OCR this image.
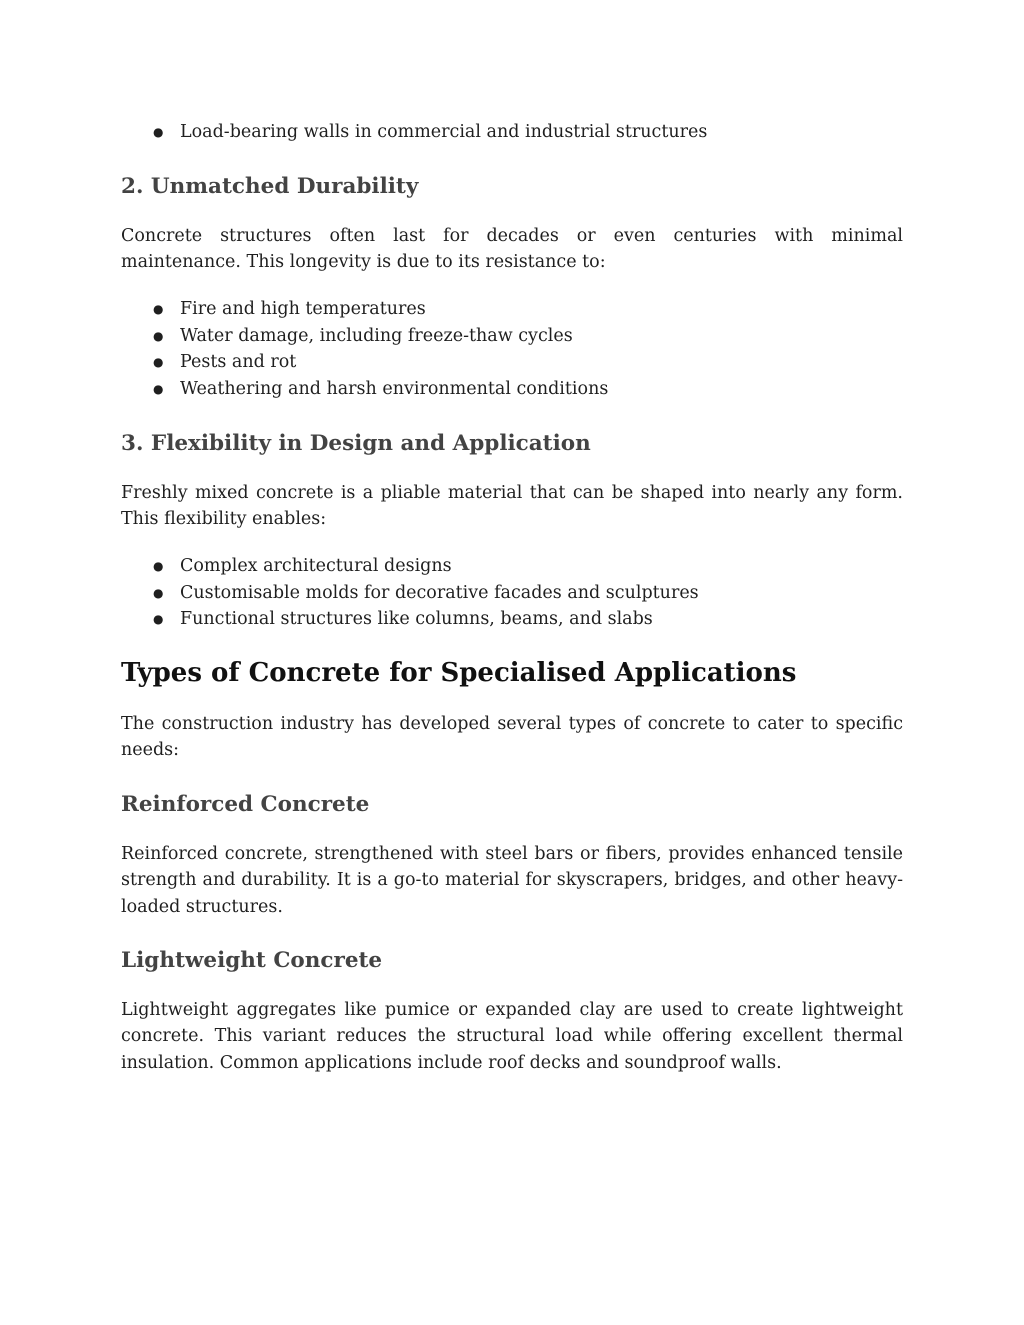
● Load-bearing walls in commercial and industrial structures
2. Unmatched Durability

Concrete structures often last for decades or even centuries with minimal maintenance. This longevity is due to its resistance to:

● Fire and high temperatures
● Water damage, including freeze-thaw cycles
● Pests and rot
● Weathering and harsh environmental conditions
3. Flexibility in Design and Application

Freshly mixed concrete is a pliable material that can be shaped into nearly any form. This flexibility enables:

● Complex architectural designs
● Customisable molds for decorative facades and sculptures
● Functional structures like columns, beams, and slabs
Types of Concrete for Specialised Applications

The construction industry has developed several types of concrete to cater to specific needs:

Reinforced Concrete

Reinforced concrete, strengthened with steel bars or fibers, provides enhanced tensile strength and durability. It is a go-to material for skyscrapers, bridges, and other heavy-loaded structures.

Lightweight Concrete

Lightweight aggregates like pumice or expanded clay are used to create lightweight concrete. This variant reduces the structural load while offering excellent thermal insulation. Common applications include roof decks and soundproof walls.
